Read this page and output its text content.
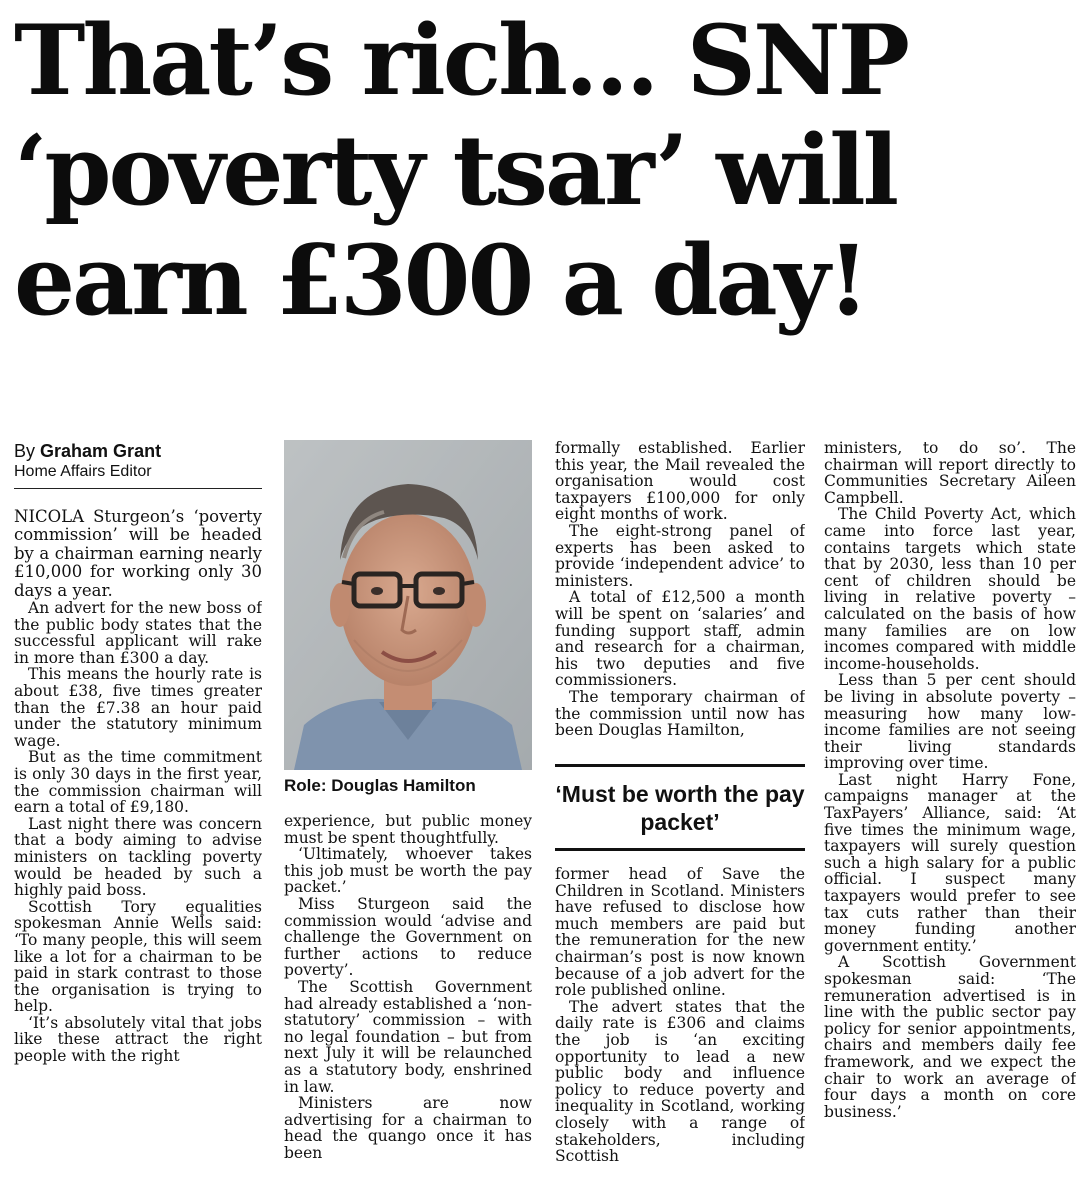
That’s rich... SNP
‘poverty tsar’ will
earn £300 a day!
By Graham Grant
Home Affairs Editor

NICOLA Sturgeon’s ‘poverty commission’ will be headed by a chairman earning nearly £10,000 for working only 30 days a year.

An advert for the new boss of the public body states that the successful applicant will rake in more than £300 a day.

This means the hourly rate is about £38, five times greater than the £7.38 an hour paid under the statutory minimum wage.

But as the time commitment is only 30 days in the first year, the commission chairman will earn a total of £9,180.

Last night there was concern that a body aiming to advise ministers on tackling poverty would be headed by such a highly paid boss.

Scottish Tory equalities spokesman Annie Wells said: ‘To many people, this will seem like a lot for a chairman to be paid in stark contrast to those the organisation is trying to help.

‘It’s absolutely vital that jobs like these attract the right people with the right

Role: Douglas Hamilton

experience, but public money must be spent thoughtfully.

‘Ultimately, whoever takes this job must be worth the pay packet.’

Miss Sturgeon said the commission would ‘advise and challenge the Government on further actions to reduce poverty’.

The Scottish Government had already established a ‘non-statutory’ commission – with no legal foundation – but from next July it will be relaunched as a statutory body, enshrined in law.

Ministers are now advertising for a chairman to head the quango once it has been

formally established. Earlier this year, the Mail revealed the organisation would cost taxpayers £100,000 for only eight months of work.

The eight-strong panel of experts has been asked to provide ‘independent advice’ to ministers.

A total of £12,500 a month will be spent on ‘salaries’ and funding support staff, admin and research for a chairman, his two deputies and five commissioners.

The temporary chairman of the commission until now has been Douglas Hamilton,

‘Must be worth the pay packet’

former head of Save the Children in Scotland. Ministers have refused to disclose how much members are paid but the remuneration for the new chairman’s post is now known because of a job advert for the role published online.

The advert states that the daily rate is £306 and claims the job is ‘an exciting opportunity to lead a new public body and influence policy to reduce poverty and inequality in Scotland, working closely with a range of stakeholders, including Scottish

ministers, to do so’. The chairman will report directly to Communities Secretary Aileen Campbell.

The Child Poverty Act, which came into force last year, contains targets which state that by 2030, less than 10 per cent of children should be living in relative poverty – calculated on the basis of how many families are on low incomes compared with middle income-households.

Less than 5 per cent should be living in absolute poverty – measuring how many low-income families are not seeing their living standards improving over time.

Last night Harry Fone, campaigns manager at the TaxPayers’ Alliance, said: ‘At five times the minimum wage, taxpayers will surely question such a high salary for a public official. I suspect many taxpayers would prefer to see tax cuts rather than their money funding another government entity.’

A Scottish Government spokesman said: ‘The remuneration advertised is in line with the public sector pay policy for senior appointments, chairs and members daily fee framework, and we expect the chair to work an average of four days a month on core business.’
